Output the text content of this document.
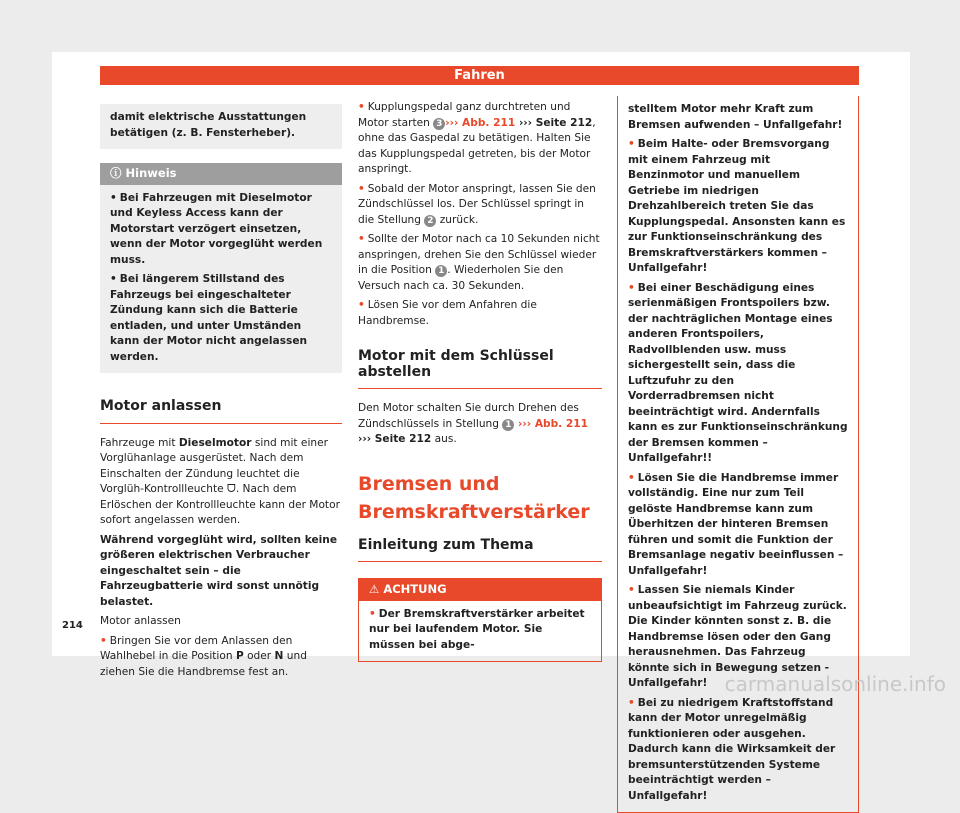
Fahren
damit elektrische Ausstattungen betätigen (z. B. Fensterheber).
ⓘ Hinweis

• Bei Fahrzeugen mit Dieselmotor und Keyless Access kann der Motorstart verzögert einsetzen, wenn der Motor vorgeglüht werden muss.

• Bei längerem Stillstand des Fahrzeugs bei eingeschalteter Zündung kann sich die Batterie entladen, und unter Umständen kann der Motor nicht angelassen werden.

Motor anlassen

Fahrzeuge mit Dieselmotor sind mit einer Vorglühanlage ausgerüstet. Nach dem Einschalten der Zündung leuchtet die Vorglüh-Kontrollleuchte ᗜ. Nach dem Erlöschen der Kontrollleuchte kann der Motor sofort angelassen werden.

Während vorgeglüht wird, sollten keine größeren elektrischen Verbraucher eingeschaltet sein – die Fahrzeugbatterie wird sonst unnötig belastet.

Motor anlassen

• Bringen Sie vor dem Anlassen den Wahlhebel in die Position P oder N und ziehen Sie die Handbremse fest an.

• Kupplungspedal ganz durchtreten und Motor starten 3 ››› Abb. 211 ››› Seite 212, ohne das Gaspedal zu betätigen. Halten Sie das Kupplungspedal getreten, bis der Motor anspringt.

• Sobald der Motor anspringt, lassen Sie den Zündschlüssel los. Der Schlüssel springt in die Stellung 2 zurück.

• Sollte der Motor nach ca 10 Sekunden nicht anspringen, drehen Sie den Schlüssel wieder in die Position 1 . Wiederholen Sie den Versuch nach ca. 30 Sekunden.

• Lösen Sie vor dem Anfahren die Handbremse.

Motor mit dem Schlüssel abstellen

Den Motor schalten Sie durch Drehen des Zündschlüssels in Stellung 1 ››› Abb. 211
››› Seite 212 aus.

Bremsen und Bremskraftverstärker
Einleitung zum Thema
⚠ ACHTUNG
• Der Bremskraftverstärker arbeitet nur bei laufendem Motor. Sie müssen bei abge-

stelltem Motor mehr Kraft zum Bremsen aufwenden – Unfallgefahr!

• Beim Halte- oder Bremsvorgang mit einem Fahrzeug mit Benzinmotor und manuellem Getriebe im niedrigen Drehzahlbereich treten Sie das Kupplungspedal. Ansonsten kann es zur Funktionseinschränkung des Bremskraftverstärkers kommen – Unfallgefahr!

• Bei einer Beschädigung eines serienmäßigen Frontspoilers bzw. der nachträglichen Montage eines anderen Frontspoilers, Radvollblenden usw. muss sichergestellt sein, dass die Luftzufuhr zu den Vorderradbremsen nicht beeinträchtigt wird. Andernfalls kann es zur Funktionseinschränkung der Bremsen kommen – Unfallgefahr!!

• Lösen Sie die Handbremse immer vollständig. Eine nur zum Teil gelöste Handbremse kann zum Überhitzen der hinteren Bremsen führen und somit die Funktion der Bremsanlage negativ beeinflussen – Unfallgefahr!

• Lassen Sie niemals Kinder unbeaufsichtigt im Fahrzeug zurück. Die Kinder könnten sonst z. B. die Handbremse lösen oder den Gang herausnehmen. Das Fahrzeug könnte sich in Bewegung setzen - Unfallgefahr!

• Bei zu niedrigem Kraftstoffstand kann der Motor unregelmäßig funktionieren oder ausgehen. Dadurch kann die Wirksamkeit der bremsunterstützenden Systeme beeinträchtigt werden – Unfallgefahr!

214
carmanualsonline.info
